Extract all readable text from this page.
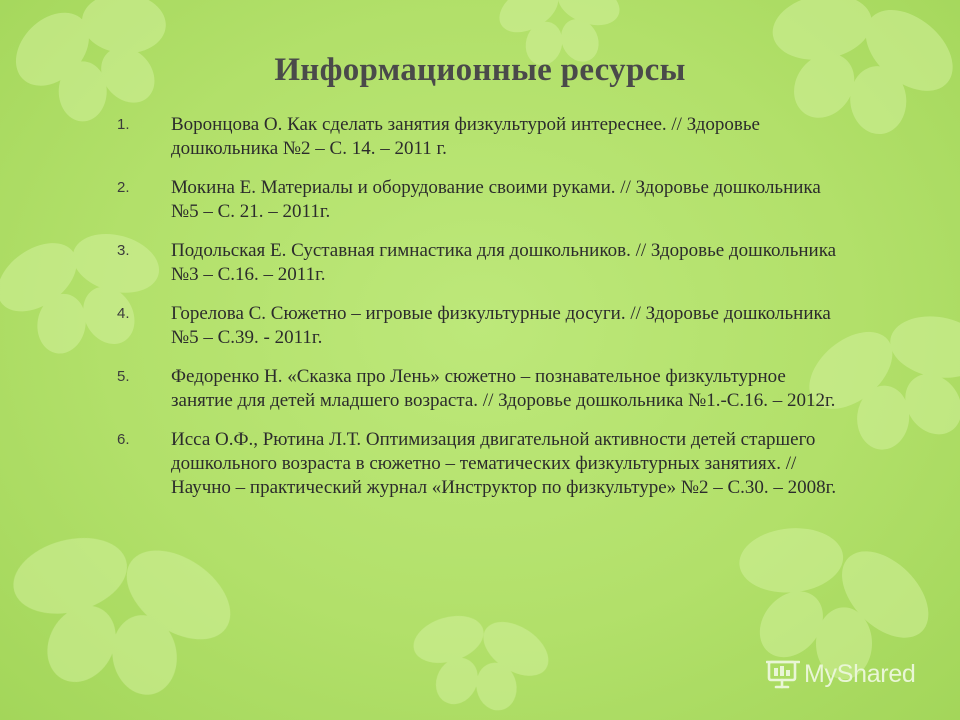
Информационные ресурсы
1.	Воронцова О. Как сделать занятия физкультурой интереснее. // Здоровье дошкольника №2 – С. 14. – 2011 г.
2.	Мокина Е. Материалы и оборудование своими руками. // Здоровье дошкольника №5 – С. 21. – 2011г.
3.	Подольская Е. Суставная гимнастика для дошкольников. // Здоровье дошкольника №3 – С.16. – 2011г.
4.	Горелова С. Сюжетно – игровые физкультурные досуги. // Здоровье дошкольника №5 – С.39. - 2011г.
5.	Федоренко Н. «Сказка про Лень» сюжетно – познавательное физкультурное занятие для детей младшего возраста. // Здоровье дошкольника №1.-С.16. – 2012г.
6.	Исса О.Ф., Рютина Л.Т. Оптимизация двигательной активности детей старшего дошкольного возраста в сюжетно – тематических физкультурных занятиях. // Научно – практический журнал «Инструктор по физкультуре» №2 – С.30. – 2008г.
MyShared
